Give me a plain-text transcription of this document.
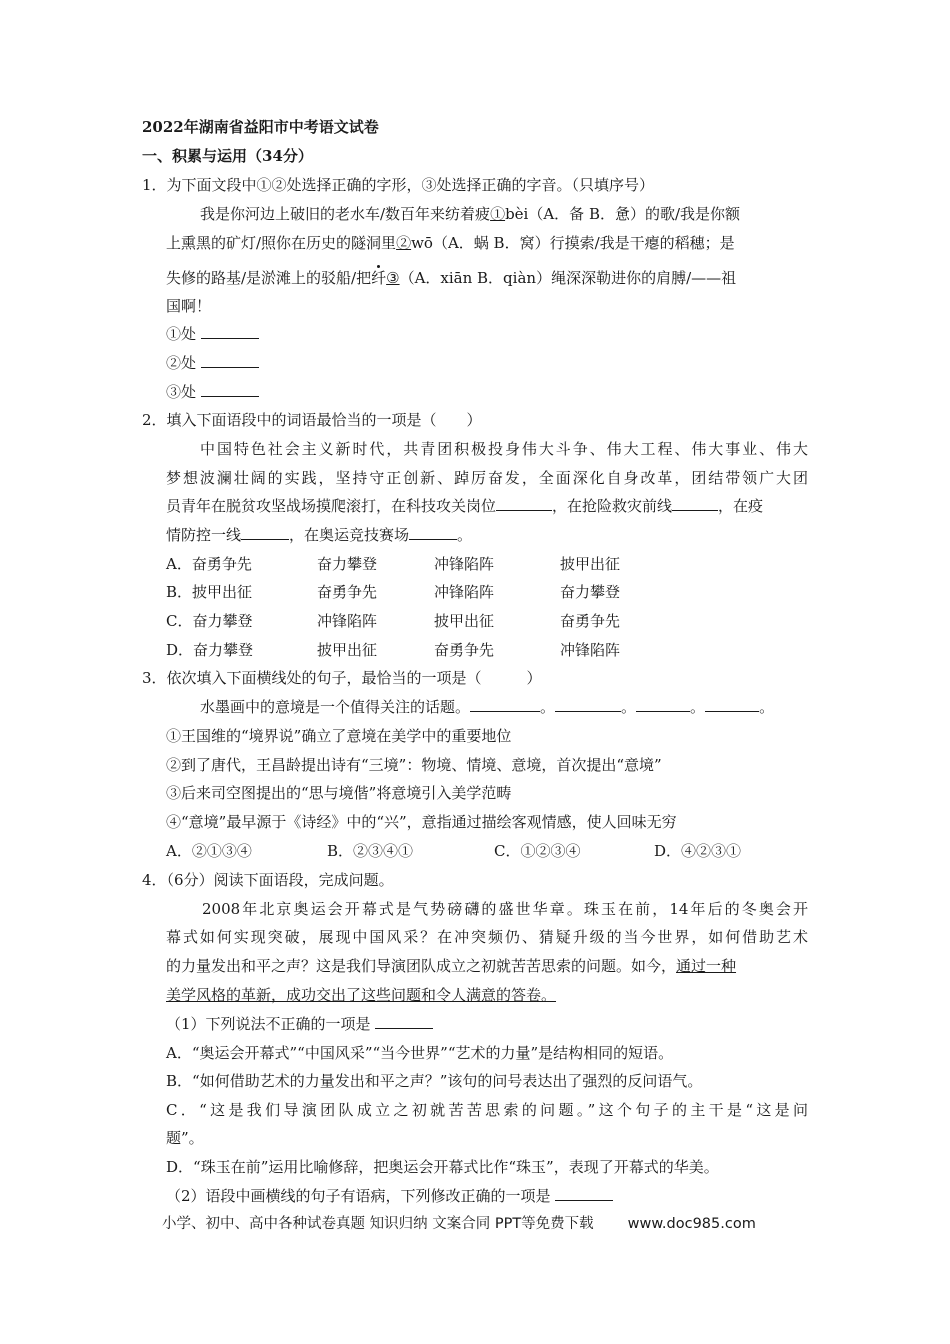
2022年湖南省益阳市中考语文试卷
一、积累与运用（34分）
1．为下面文段中①②处选择正确的字形，③处选择正确的字音。（只填序号）
我是你河边上破旧的老水车/数百年来纺着疲①bèi（A．备 B．惫）的歌/我是你额
上熏黑的矿灯/照你在历史的隧洞里②wō（A．蜗 B．窝）行摸索/我是干瘪的稻穗；是
失修的路基/是淤滩上的驳船/把纤③（A．xiān B．qiàn）绳深深勒进你的肩膊/——祖
国啊！
①处
②处
③处
2．填入下面语段中的词语最恰当的一项是（　　）
中国特色社会主义新时代，共青团积极投身伟大斗争、伟大工程、伟大事业、伟大
梦想波澜壮阔的实践，坚持守正创新、踔厉奋发，全面深化自身改革，团结带领广大团
员青年在脱贫攻坚战场摸爬滚打，在科技攻关岗位	，在抢险救灾前线	，在疫
情防控一线	，在奥运竞技赛场	。
A．奋勇争先	奋力攀登	冲锋陷阵	披甲出征
B．披甲出征	奋勇争先	冲锋陷阵	奋力攀登
C．奋力攀登	冲锋陷阵	披甲出征	奋勇争先
D．奋力攀登	披甲出征	奋勇争先	冲锋陷阵
3．依次填入下面横线处的句子，最恰当的一项是（　　　）
水墨画中的意境是一个值得关注的话题。	。	。	。	。
①王国维的“境界说”确立了意境在美学中的重要地位
②到了唐代，王昌龄提出诗有“三境”：物境、情境、意境，首次提出“意境”
③后来司空图提出的“思与境偕”将意境引入美学范畴
④“意境”最早源于《诗经》中的“兴”，意指通过描绘客观情感，使人回味无穷
A．②①③④	B．②③④①	C．①②③④	D．④②③①
4．（6分）阅读下面语段，完成问题。
2008年北京奥运会开幕式是气势磅礴的盛世华章。珠玉在前，14年后的冬奥会开
幕式如何实现突破，展现中国风采？在冲突频仍、猜疑升级的当今世界，如何借助艺术
的力量发出和平之声？这是我们导演团队成立之初就苦苦思索的问题。如今，通过一种
美学风格的革新，成功交出了这些问题和令人满意的答卷。
（1）下列说法不正确的一项是
A．“奥运会开幕式”“中国风采”“当今世界”“艺术的力量”是结构相同的短语。
B．“如何借助艺术的力量发出和平之声？”该句的问号表达出了强烈的反问语气。
C．“这是我们导演团队成立之初就苦苦思索的问题。”这个句子的主干是“这是问
题”。
D．“珠玉在前”运用比喻修辞，把奥运会开幕式比作“珠玉”，表现了开幕式的华美。
（2）语段中画横线的句子有语病，下列修改正确的一项是
小学、初中、高中各种试卷真题 知识归纳 文案合同 PPT等免费下载 www.doc985.com
